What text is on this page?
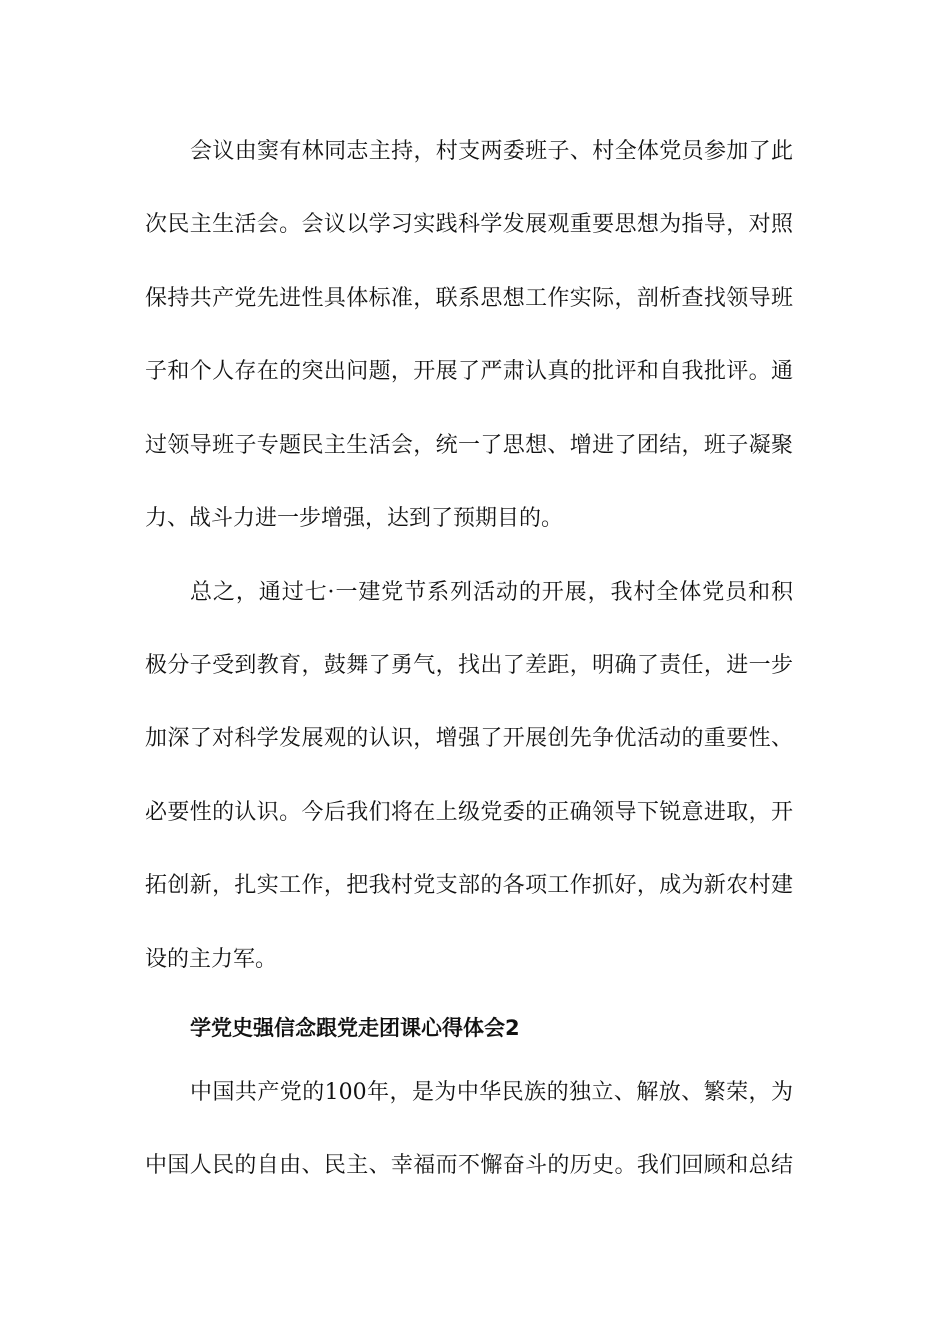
会议由窦有林同志主持，村支两委班子、村全体党员参加了此
次民主生活会。会议以学习实践科学发展观重要思想为指导，对照
保持共产党先进性具体标准，联系思想工作实际，剖析查找领导班
子和个人存在的突出问题，开展了严肃认真的批评和自我批评。通
过领导班子专题民主生活会，统一了思想、增进了团结，班子凝聚
力、战斗力进一步增强，达到了预期目的。
总之，通过七·一建党节系列活动的开展，我村全体党员和积
极分子受到教育，鼓舞了勇气，找出了差距，明确了责任，进一步
加深了对科学发展观的认识，增强了开展创先争优活动的重要性、
必要性的认识。今后我们将在上级党委的正确领导下锐意进取，开
拓创新，扎实工作，把我村党支部的各项工作抓好，成为新农村建
设的主力军。
学党史强信念跟党走团课心得体会2
中国共产党的100年，是为中华民族的独立、解放、繁荣，为
中国人民的自由、民主、幸福而不懈奋斗的历史。我们回顾和总结
